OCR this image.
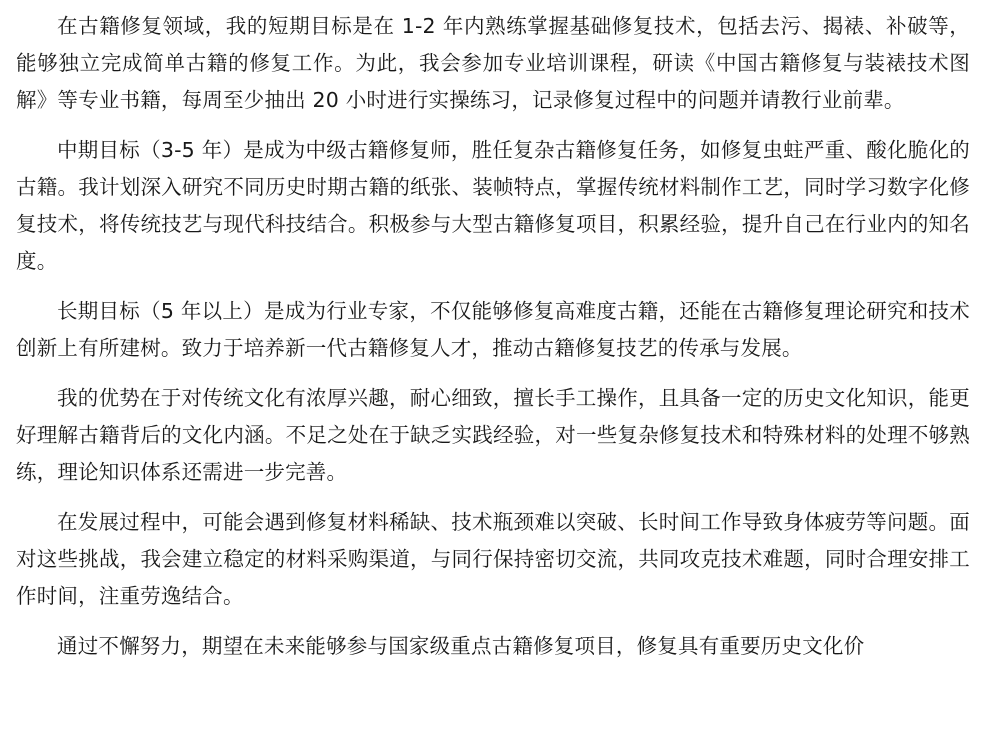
在古籍修复领域，我的短期目标是在 1-2 年内熟练掌握基础修复技术，包括去污、揭裱、补破等，能够独立完成简单古籍的修复工作。为此，我会参加专业培训课程，研读《中国古籍修复与装裱技术图解》等专业书籍，每周至少抽出 20 小时进行实操练习，记录修复过程中的问题并请教行业前辈。

中期目标（3-5 年）是成为中级古籍修复师，胜任复杂古籍修复任务，如修复虫蛀严重、酸化脆化的古籍。我计划深入研究不同历史时期古籍的纸张、装帧特点，掌握传统材料制作工艺，同时学习数字化修复技术，将传统技艺与现代科技结合。积极参与大型古籍修复项目，积累经验，提升自己在行业内的知名度。

长期目标（5 年以上）是成为行业专家，不仅能够修复高难度古籍，还能在古籍修复理论研究和技术创新上有所建树。致力于培养新一代古籍修复人才，推动古籍修复技艺的传承与发展。

我的优势在于对传统文化有浓厚兴趣，耐心细致，擅长手工操作，且具备一定的历史文化知识，能更好理解古籍背后的文化内涵。不足之处在于缺乏实践经验，对一些复杂修复技术和特殊材料的处理不够熟练，理论知识体系还需进一步完善。

在发展过程中，可能会遇到修复材料稀缺、技术瓶颈难以突破、长时间工作导致身体疲劳等问题。面对这些挑战，我会建立稳定的材料采购渠道，与同行保持密切交流，共同攻克技术难题，同时合理安排工作时间，注重劳逸结合。

通过不懈努力，期望在未来能够参与国家级重点古籍修复项目，修复具有重要历史文化价
